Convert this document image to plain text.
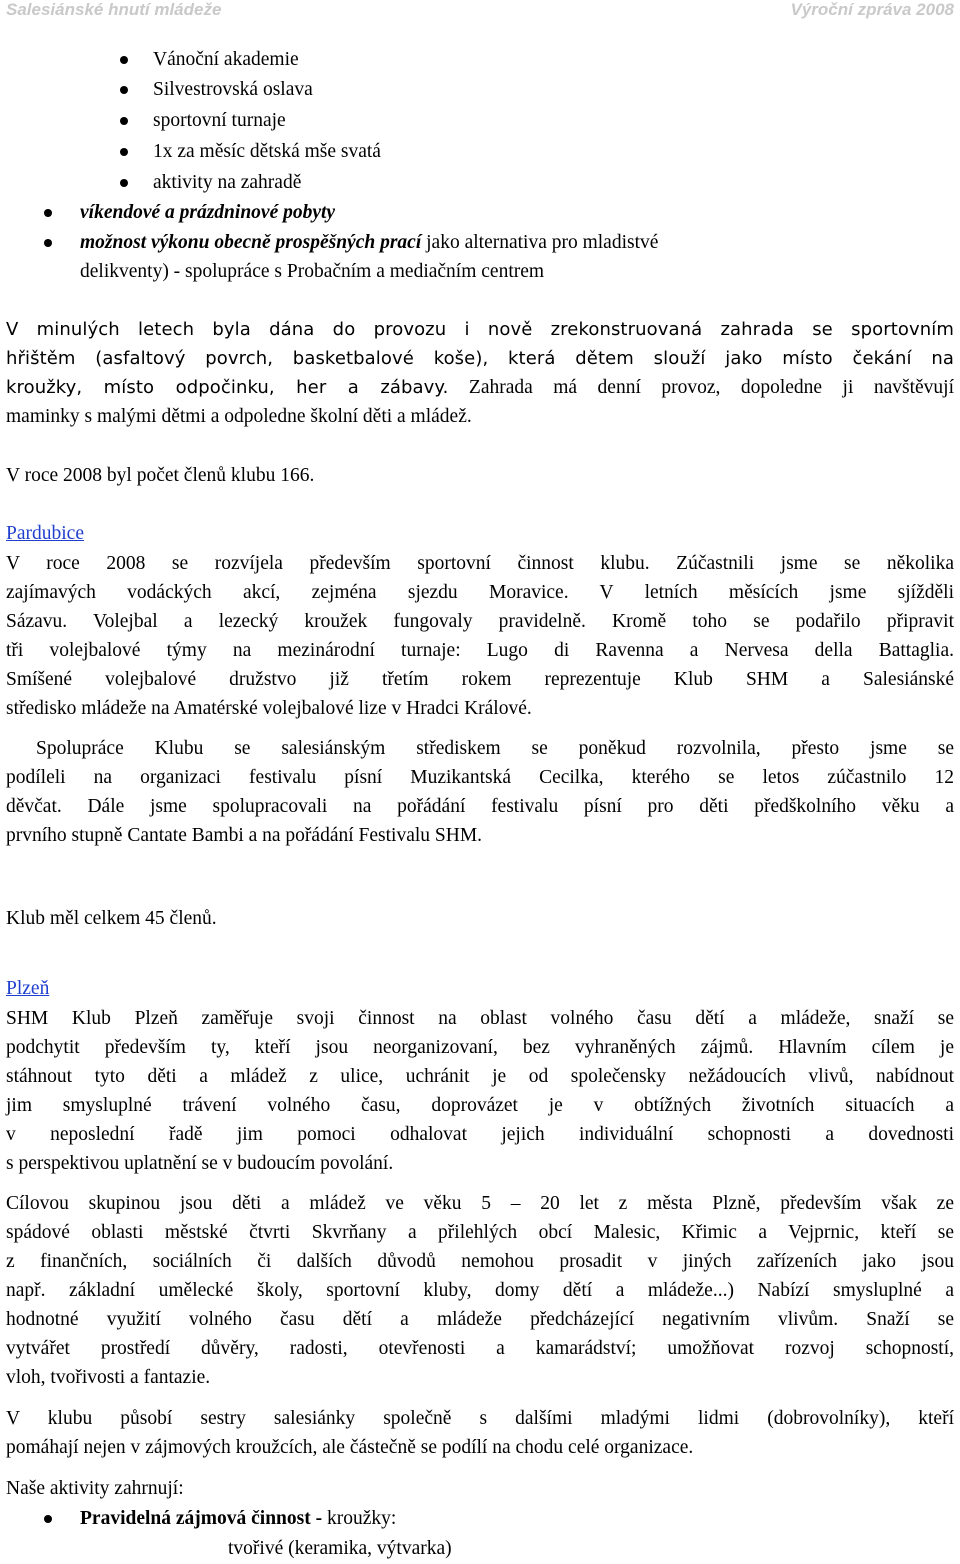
Salesiánské hnutí mládeže	Výroční zpráva 2008
Vánoční akademie
Silvestrovská oslava
sportovní turnaje
1x za měsíc dětská mše svatá
aktivity na zahradě
víkendové a prázdninové pobyty
možnost výkonu obecně prospěšných prací jako alternativa pro mladistvé
delikventy) - spolupráce s Probačním a mediačním centrem
V minulých letech byla dána do provozu i nově zrekonstruovaná zahrada se sportovním
hřištěm (asfaltový povrch, basketbalové koše), která dětem slouží jako místo čekání na
kroužky, místo odpočinku, her a zábavy. Zahrada má denní provoz, dopoledne ji navštěvují
maminky s malými dětmi a odpoledne školní děti a mládež.
V roce 2008 byl počet členů klubu 166.
Pardubice
V roce 2008 se rozvíjela především sportovní činnost klubu. Zúčastnili jsme se několika
zajímavých vodáckých akcí, zejména sjezdu Moravice. V letních měsících jsme sjížděli
Sázavu. Volejbal a lezecký kroužek fungovaly pravidelně. Kromě toho se podařilo připravit
tři volejbalové týmy na mezinárodní turnaje: Lugo di Ravenna a Nervesa della Battaglia.
Smíšené volejbalové družstvo již třetím rokem reprezentuje Klub SHM a Salesiánské
středisko mládeže na Amatérské volejbalové lize v Hradci Králové.
Spolupráce Klubu se salesiánským střediskem se poněkud rozvolnila, přesto jsme se
podíleli na organizaci festivalu písní Muzikantská Cecilka, kterého se letos zúčastnilo 12
děvčat. Dále jsme spolupracovali na pořádání festivalu písní pro děti předškolního věku a
prvního stupně Cantate Bambi a na pořádání Festivalu SHM.
Klub měl celkem 45 členů.
Plzeň
SHM Klub Plzeň zaměřuje svoji činnost na oblast volného času dětí a mládeže, snaží se
podchytit především ty, kteří jsou neorganizovaní, bez vyhraněných zájmů. Hlavním cílem je
stáhnout tyto děti a mládež z ulice, uchránit je od společensky nežádoucích vlivů, nabídnout
jim smysluplné trávení volného času, doprovázet je v obtížných životních situacích a
v neposlední řadě jim pomoci odhalovat jejich individuální schopnosti a dovednosti
s perspektivou uplatnění se v budoucím povolání.
Cílovou skupinou jsou děti a mládež ve věku 5 – 20 let z města Plzně, především však ze
spádové oblasti městské čtvrti Skvrňany a přilehlých obcí Malesic, Křimic a Vejprnic, kteří se
z finančních, sociálních či dalších důvodů nemohou prosadit v jiných zařízeních jako jsou
např. základní umělecké školy, sportovní kluby, domy dětí a mládeže...) Nabízí smysluplné a
hodnotné využití volného času dětí a mládeže předcházející negativním vlivům. Snaží se
vytvářet prostředí důvěry, radosti, otevřenosti a kamarádství; umožňovat rozvoj schopností,
vloh, tvořivosti a fantazie.
V klubu působí sestry salesiánky společně s dalšími mladými lidmi (dobrovolníky), kteří
pomáhají nejen v zájmových kroužcích, ale částečně se podílí na chodu celé organizace.
Naše aktivity zahrnují:
Pravidelná zájmová činnost - kroužky:
tvořivé (keramika, výtvarka)
